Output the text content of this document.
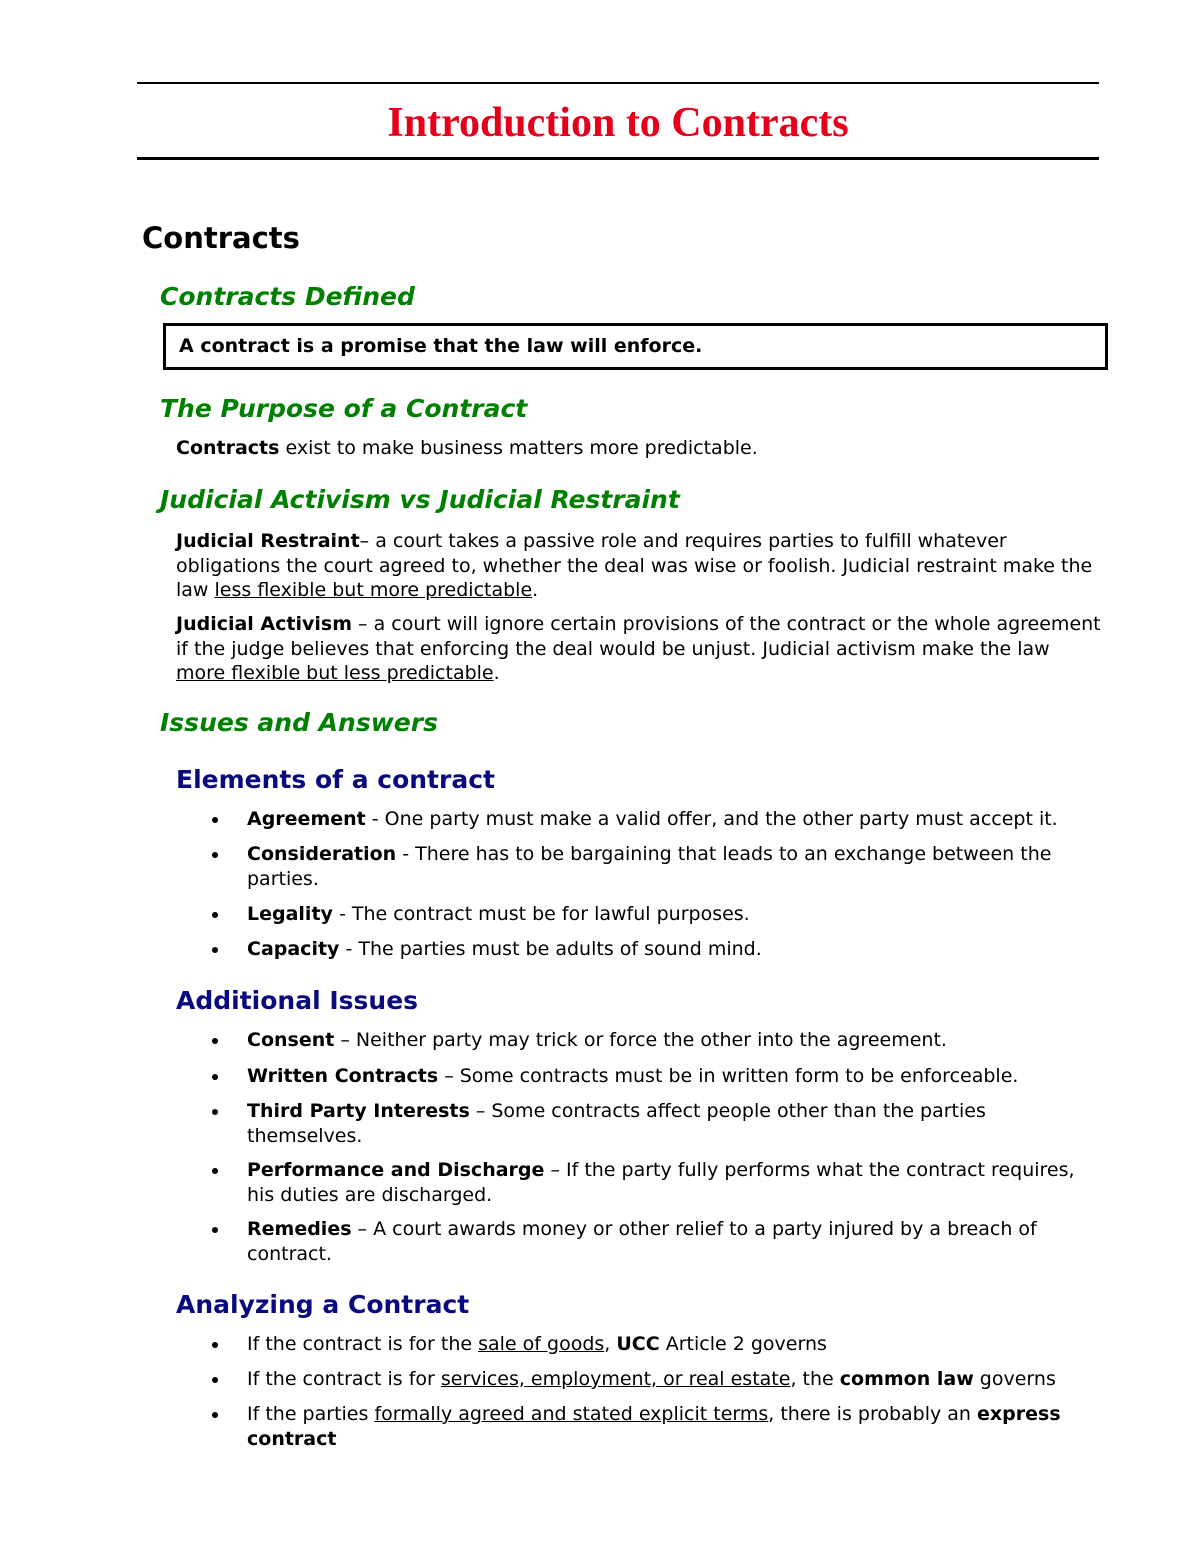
Introduction to Contracts
Contracts
Contracts Defined
A contract is a promise that the law will enforce.
The Purpose of a Contract

Contracts exist to make business matters more predictable.

Judicial Activism vs Judicial Restraint

Judicial Restraint– a court takes a passive role and requires parties to fulfill whatever obligations the court agreed to, whether the deal was wise or foolish. Judicial restraint make the law less flexible but more predictable.

Judicial Activism – a court will ignore certain provisions of the contract or the whole agreement if the judge believes that enforcing the deal would be unjust. Judicial activism make the law more flexible but less predictable.

Issues and Answers
Elements of a contract
Agreement - One party must make a valid offer, and the other party must accept it.
Consideration - There has to be bargaining that leads to an exchange between the parties.
Legality - The contract must be for lawful purposes.
Capacity - The parties must be adults of sound mind.
Additional Issues
Consent – Neither party may trick or force the other into the agreement.
Written Contracts – Some contracts must be in written form to be enforceable.
Third Party Interests – Some contracts affect people other than the parties themselves.
Performance and Discharge – If the party fully performs what the contract requires, his duties are discharged.
Remedies – A court awards money or other relief to a party injured by a breach of contract.
Analyzing a Contract
If the contract is for the sale of goods, UCC Article 2 governs
If the contract is for services, employment, or real estate, the common law governs
If the parties formally agreed and stated explicit terms, there is probably an express contract
